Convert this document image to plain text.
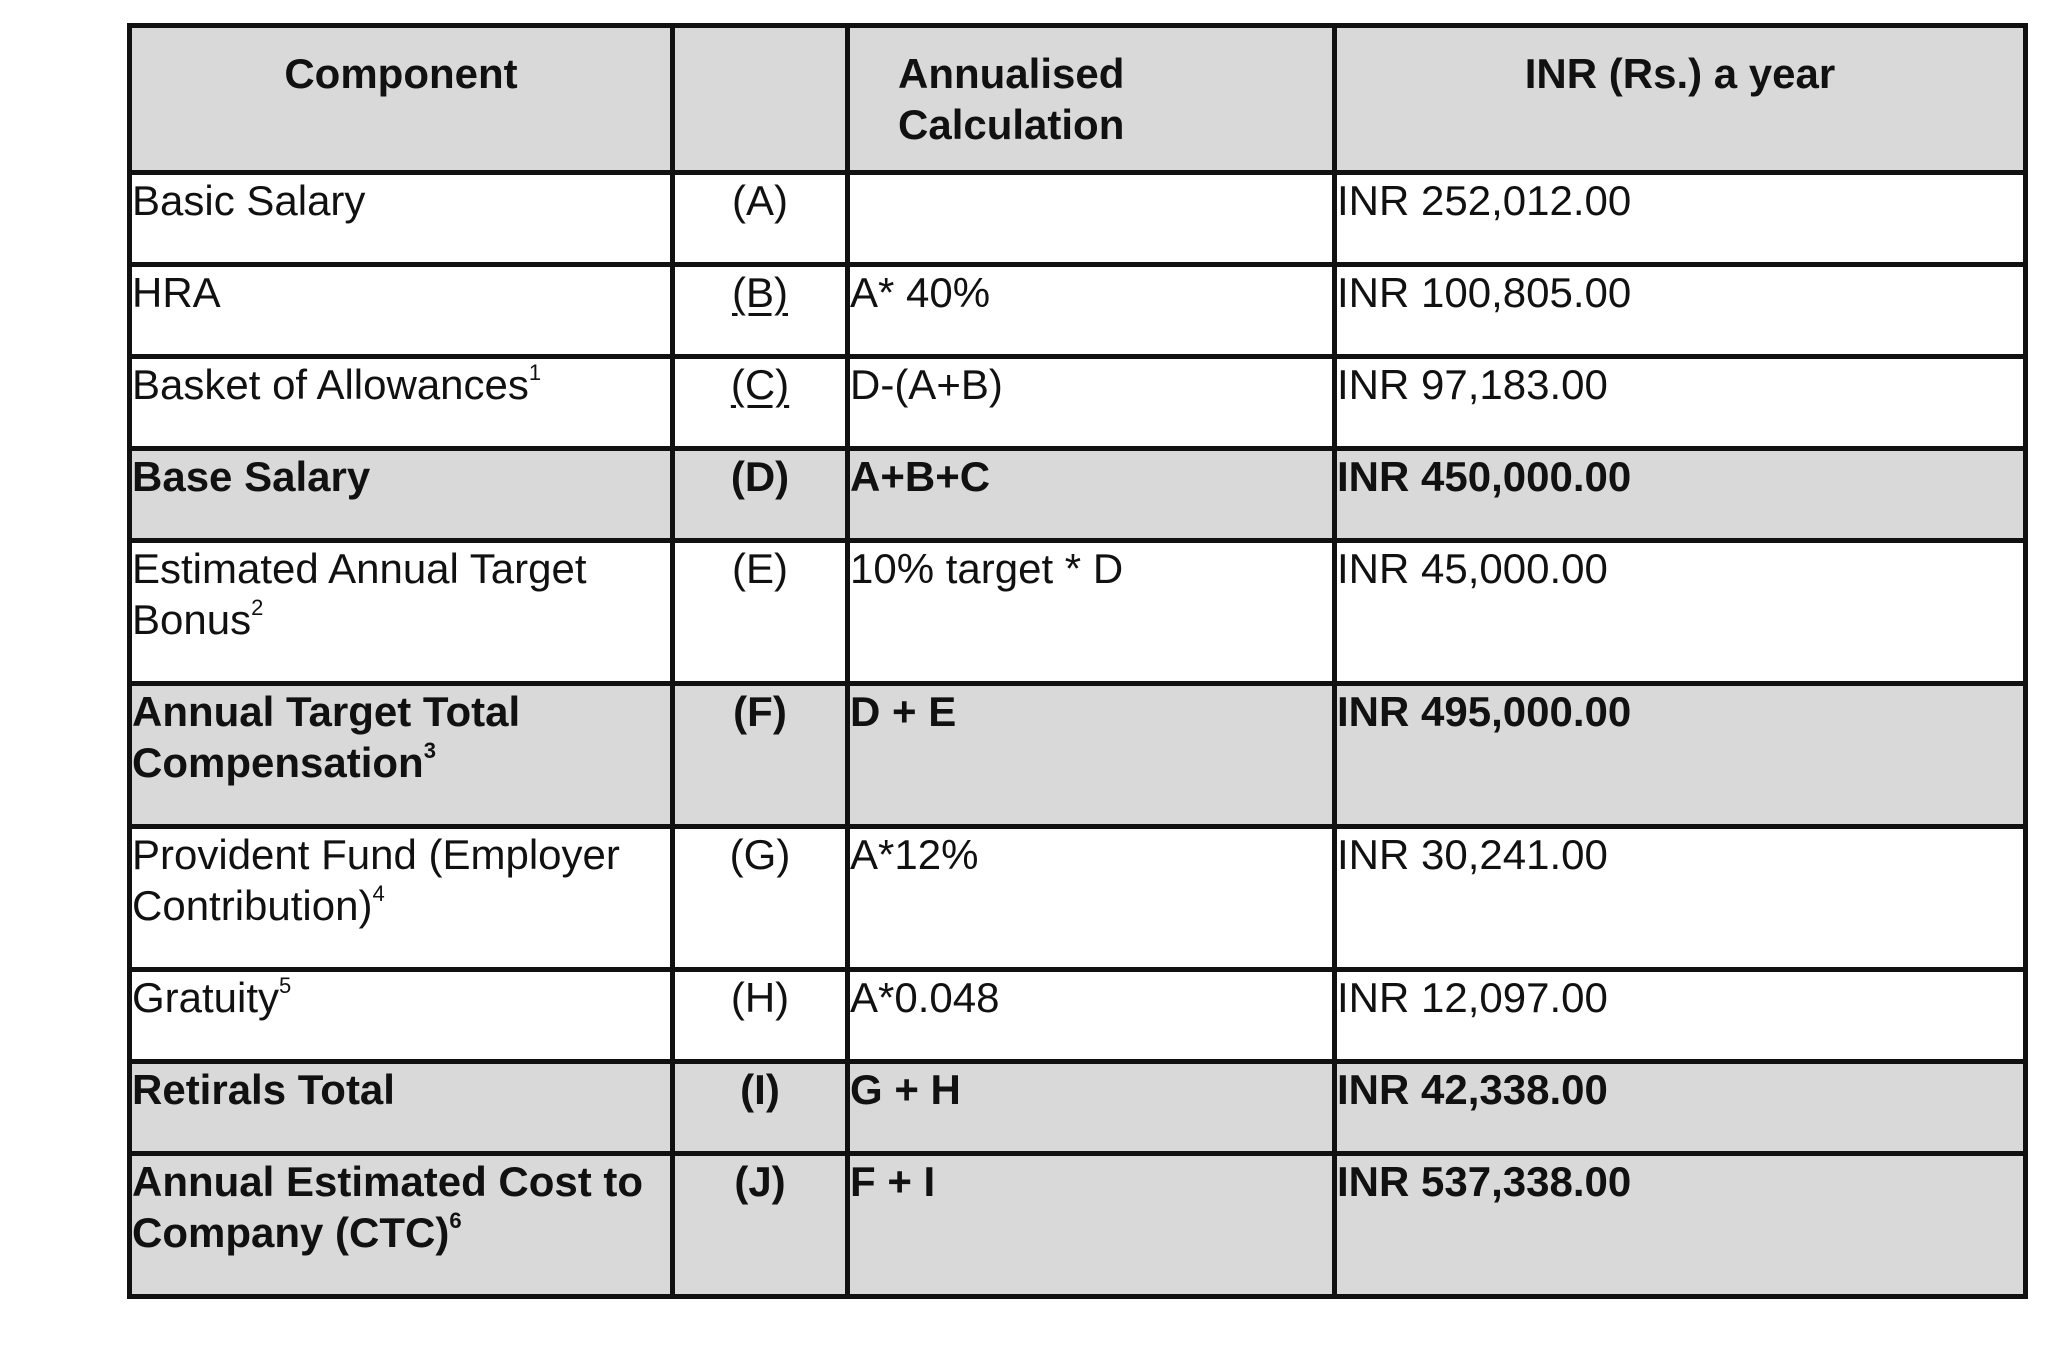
Component		Annualised Calculation	INR (Rs.) a year

Basic Salary	(A)		INR 252,012.00
HRA	(B)	A* 40%	INR 100,805.00
Basket of Allowances$^1$	(C)	D-(A+B)	INR 97,183.00
Base Salary	(D)	A+B+C	INR 450,000.00
Estimated Annual Target Bonus$^2$	(E)	10% target * D	INR 45,000.00
Annual Target Total Compensation$^3$	(F)	D + E	INR 495,000.00
Provident Fund (Employer Contribution)$^4$	(G)	A*12%	INR 30,241.00
Gratuity$^5$	(H)	A*0.048	INR 12,097.00
Retirals Total	(I)	G + H	INR 42,338.00
Annual Estimated Cost to Company (CTC)$^6$	(J)	F + I	INR 537,338.00
